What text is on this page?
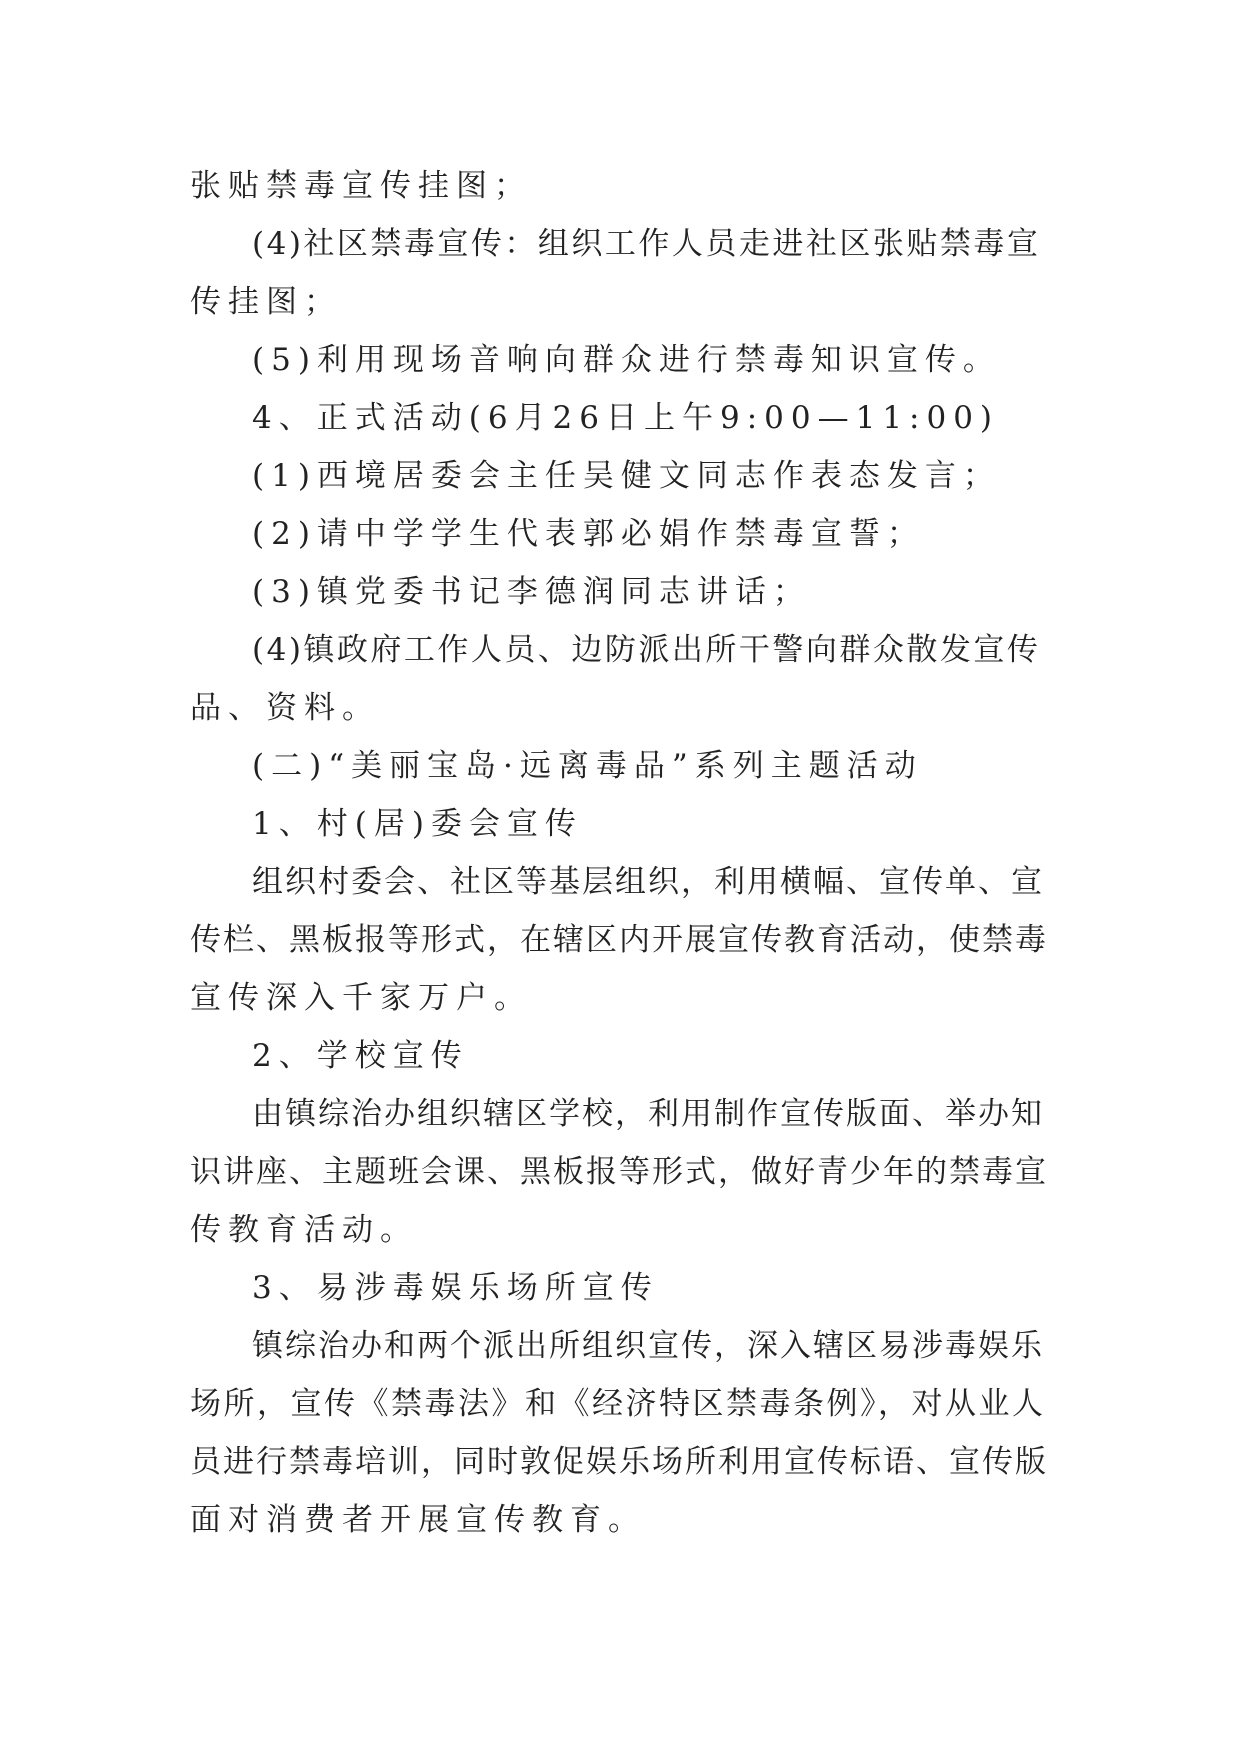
张贴禁毒宣传挂图；
(4)社区禁毒宣传：组织工作人员走进社区张贴禁毒宣
传挂图；
(5)利用现场音响向群众进行禁毒知识宣传。
4、正式活动(6月26日上午9:00—11:00)
(1)西境居委会主任吴健文同志作表态发言；
(2)请中学学生代表郭必娟作禁毒宣誓；
(3)镇党委书记李德润同志讲话；
(4)镇政府工作人员、边防派出所干警向群众散发宣传
品、资料。
(二)“美丽宝岛·远离毒品”系列主题活动
1、村(居)委会宣传
组织村委会、社区等基层组织，利用横幅、宣传单、宣
传栏、黑板报等形式，在辖区内开展宣传教育活动，使禁毒
宣传深入千家万户。
2、学校宣传
由镇综治办组织辖区学校，利用制作宣传版面、举办知
识讲座、主题班会课、黑板报等形式，做好青少年的禁毒宣
传教育活动。
3、易涉毒娱乐场所宣传
镇综治办和两个派出所组织宣传，深入辖区易涉毒娱乐
场所，宣传《禁毒法》和《经济特区禁毒条例》，对从业人
员进行禁毒培训，同时敦促娱乐场所利用宣传标语、宣传版
面对消费者开展宣传教育。
